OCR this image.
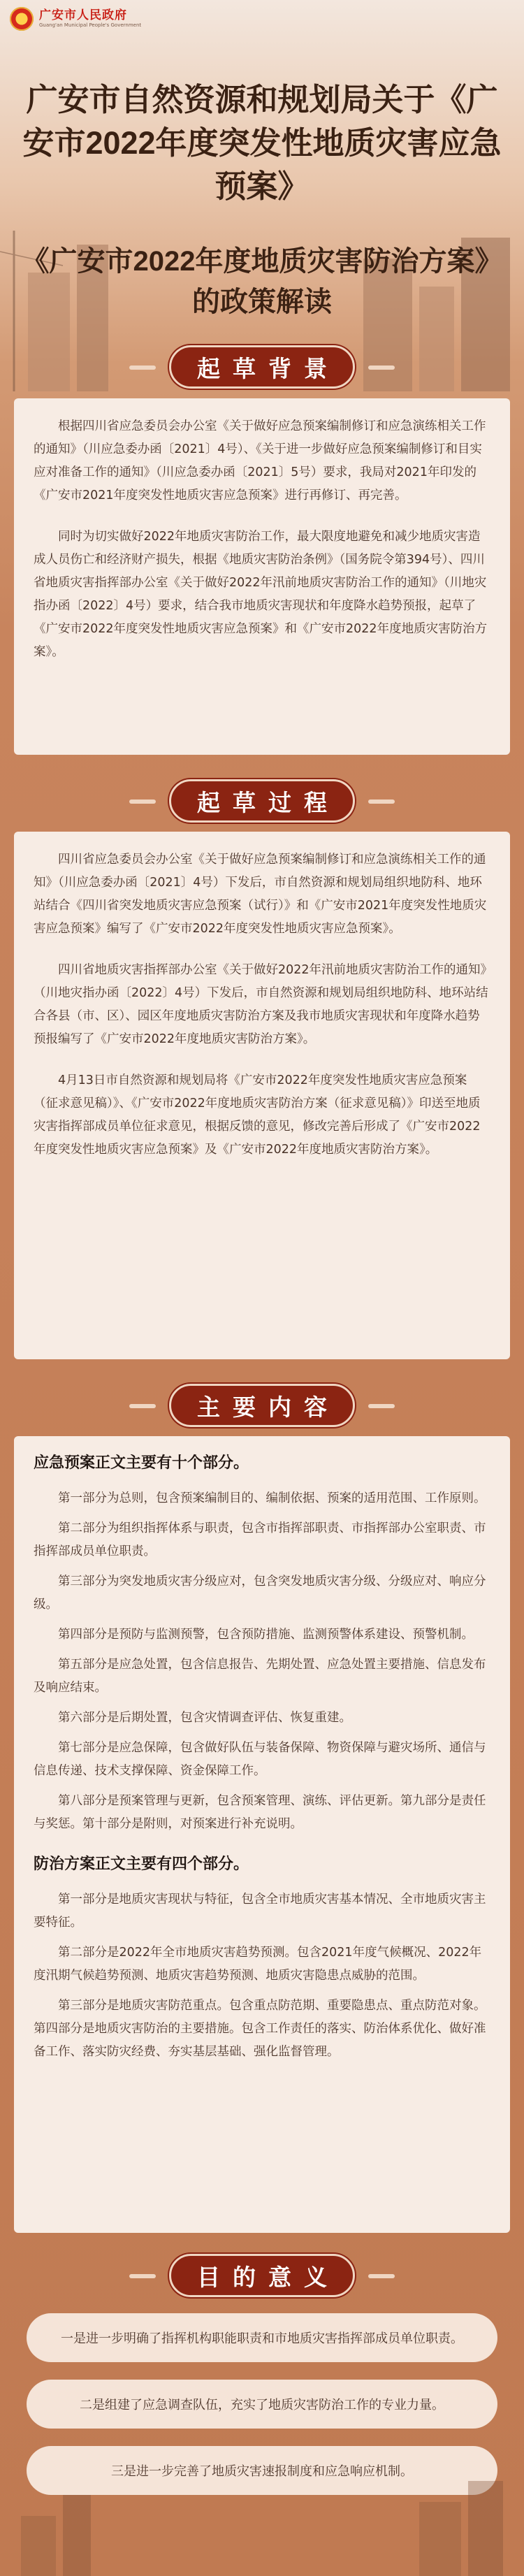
广安市人民政府
Guang'an Municipal People's Government
广安市自然资源和规划局关于《广安市2022年度突发性地质灾害应急预案》
《广安市2022年度地质灾害防治方案》的政策解读
起草背景

根据四川省应急委员会办公室《关于做好应急预案编制修订和应急演练相关工作的通知》（川应急委办函〔2021〕4号）、《关于进一步做好应急预案编制修订和目实应对准备工作的通知》（川应急委办函〔2021〕5号）要求，我局对2021年印发的《广安市2021年度突发性地质灾害应急预案》进行再修订、再完善。

同时为切实做好2022年地质灾害防治工作，最大限度地避免和减少地质灾害造成人员伤亡和经济财产损失，根据《地质灾害防治条例》（国务院令第394号）、四川省地质灾害指挥部办公室《关于做好2022年汛前地质灾害防治工作的通知》（川地灾指办函〔2022〕4号）要求，结合我市地质灾害现状和年度降水趋势预报，起草了《广安市2022年度突发性地质灾害应急预案》和《广安市2022年度地质灾害防治方案》。

起草过程

四川省应急委员会办公室《关于做好应急预案编制修订和应急演练相关工作的通知》（川应急委办函〔2021〕4号）下发后，市自然资源和规划局组织地防科、地环站结合《四川省突发地质灾害应急预案（试行）》和《广安市2021年度突发性地质灾害应急预案》编写了《广安市2022年度突发性地质灾害应急预案》。

四川省地质灾害指挥部办公室《关于做好2022年汛前地质灾害防治工作的通知》（川地灾指办函〔2022〕4号）下发后，市自然资源和规划局组织地防科、地环站结合各县（市、区）、园区年度地质灾害防治方案及我市地质灾害现状和年度降水趋势预报编写了《广安市2022年度地质灾害防治方案》。

4月13日市自然资源和规划局将《广安市2022年度突发性地质灾害应急预案（征求意见稿）》、《广安市2022年度地质灾害防治方案（征求意见稿）》印送至地质灾害指挥部成员单位征求意见，根据反馈的意见，修改完善后形成了《广安市2022年度突发性地质灾害应急预案》及《广安市2022年度地质灾害防治方案》。

主要内容
应急预案正文主要有十个部分。

第一部分为总则，包含预案编制目的、编制依据、预案的适用范围、工作原则。

第二部分为组织指挥体系与职责，包含市指挥部职责、市指挥部办公室职责、市指挥部成员单位职责。

第三部分为突发地质灾害分级应对，包含突发地质灾害分级、分级应对、响应分级。

第四部分是预防与监测预警，包含预防措施、监测预警体系建设、预警机制。

第五部分是应急处置，包含信息报告、先期处置、应急处置主要措施、信息发布及响应结束。

第六部分是后期处置，包含灾情调查评估、恢复重建。

第七部分是应急保障，包含做好队伍与装备保障、物资保障与避灾场所、通信与信息传递、技术支撑保障、资金保障工作。

第八部分是预案管理与更新，包含预案管理、演练、评估更新。第九部分是责任与奖惩。第十部分是附则，对预案进行补充说明。

防治方案正文主要有四个部分。

第一部分是地质灾害现状与特征，包含全市地质灾害基本情况、全市地质灾害主要特征。

第二部分是2022年全市地质灾害趋势预测。包含2021年度气候概况、2022年度汛期气候趋势预测、地质灾害趋势预测、地质灾害隐患点威胁的范围。

第三部分是地质灾害防范重点。包含重点防范期、重要隐患点、重点防范对象。第四部分是地质灾害防治的主要措施。包含工作责任的落实、防治体系优化、做好准备工作、落实防灾经费、夯实基层基础、强化监督管理。

目的意义
一是进一步明确了指挥机构职能职责和市地质灾害指挥部成员单位职责。
二是组建了应急调查队伍，充实了地质灾害防治工作的专业力量。
三是进一步完善了地质灾害速报制度和应急响应机制。
